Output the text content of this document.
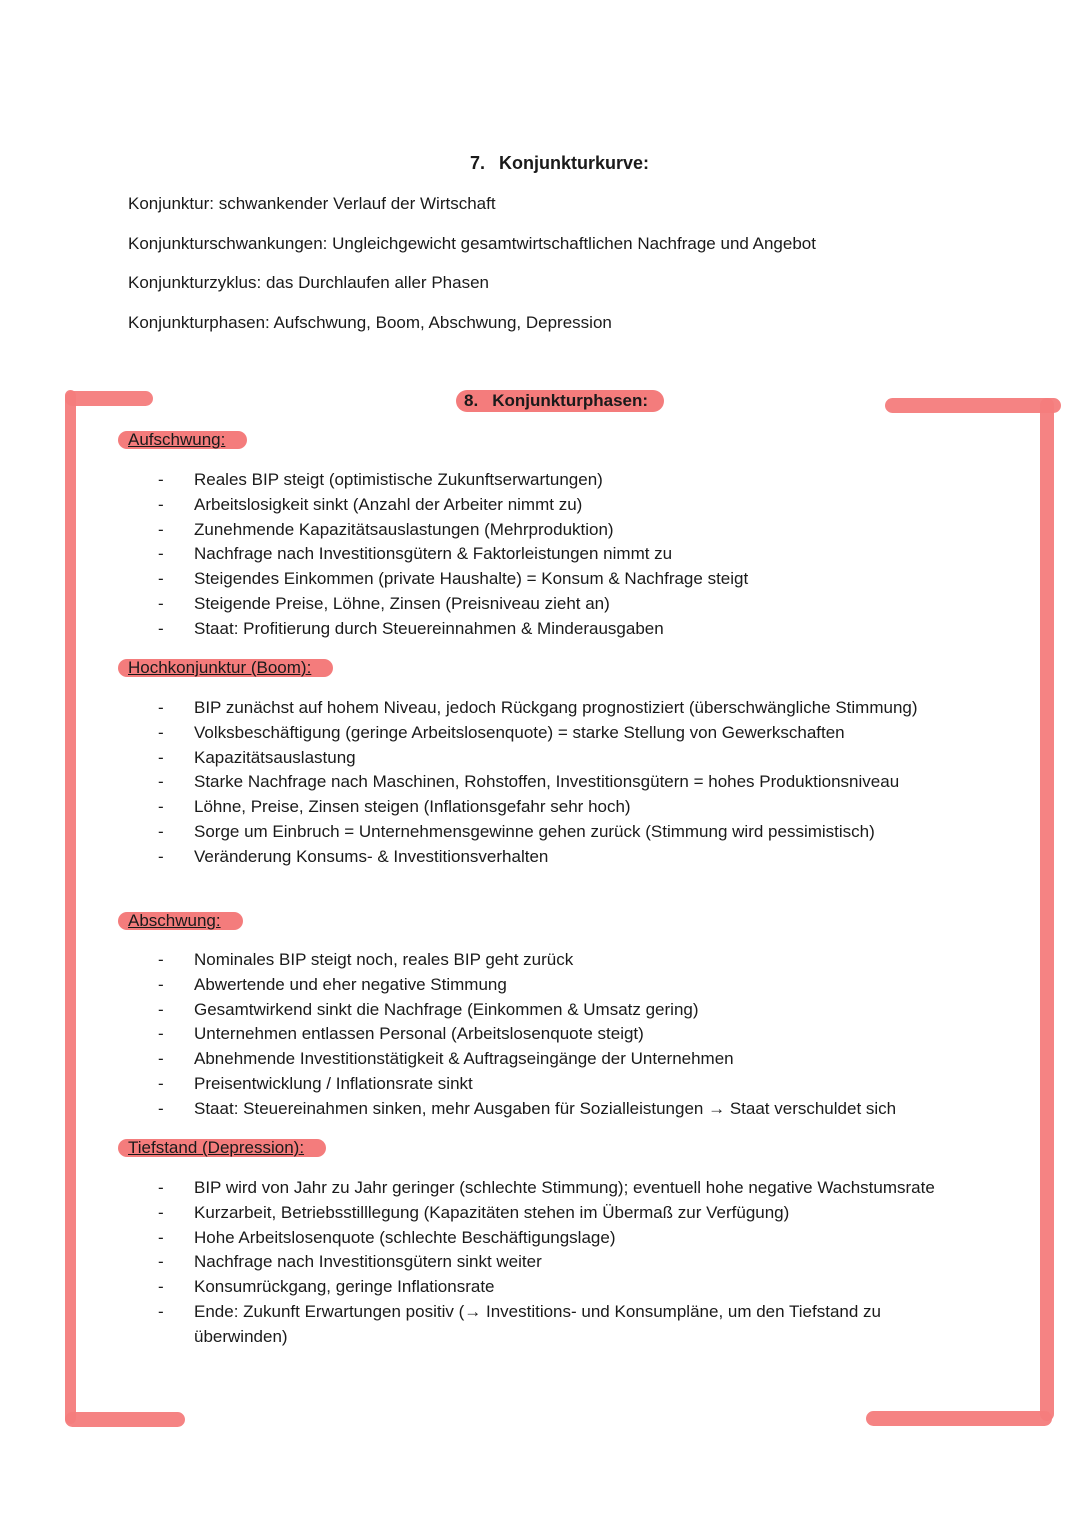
7. Konjunkturkurve:
Konjunktur: schwankender Verlauf der Wirtschaft
Konjunkturschwankungen: Ungleichgewicht gesamtwirtschaftlichen Nachfrage und Angebot
Konjunkturzyklus: das Durchlaufen aller Phasen
Konjunkturphasen: Aufschwung, Boom, Abschwung, Depression
8. Konjunkturphasen:
Aufschwung:
- Reales BIP steigt (optimistische Zukunftserwartungen)
- Arbeitslosigkeit sinkt (Anzahl der Arbeiter nimmt zu)
- Zunehmende Kapazitätsauslastungen (Mehrproduktion)
- Nachfrage nach Investitionsgütern & Faktorleistungen nimmt zu
- Steigendes Einkommen (private Haushalte) = Konsum & Nachfrage steigt
- Steigende Preise, Löhne, Zinsen (Preisniveau zieht an)
- Staat: Profitierung durch Steuereinnahmen & Minderausgaben
Hochkonjunktur (Boom):
- BIP zunächst auf hohem Niveau, jedoch Rückgang prognostiziert (überschwängliche Stimmung)
- Volksbeschäftigung (geringe Arbeitslosenquote) = starke Stellung von Gewerkschaften
- Kapazitätsauslastung
- Starke Nachfrage nach Maschinen, Rohstoffen, Investitionsgütern = hohes Produktionsniveau
- Löhne, Preise, Zinsen steigen (Inflationsgefahr sehr hoch)
- Sorge um Einbruch = Unternehmensgewinne gehen zurück (Stimmung wird pessimistisch)
- Veränderung Konsums- & Investitionsverhalten
Abschwung:
- Nominales BIP steigt noch, reales BIP geht zurück
- Abwertende und eher negative Stimmung
- Gesamtwirkend sinkt die Nachfrage (Einkommen & Umsatz gering)
- Unternehmen entlassen Personal (Arbeitslosenquote steigt)
- Abnehmende Investitionstätigkeit & Auftragseingänge der Unternehmen
- Preisentwicklung / Inflationsrate sinkt
- Staat: Steuereinahmen sinken, mehr Ausgaben für Sozialleistungen → Staat verschuldet sich
Tiefstand (Depression):
- BIP wird von Jahr zu Jahr geringer (schlechte Stimmung); eventuell hohe negative Wachstumsrate
- Kurzarbeit, Betriebsstilllegung (Kapazitäten stehen im Übermaß zur Verfügung)
- Hohe Arbeitslosenquote (schlechte Beschäftigungslage)
- Nachfrage nach Investitionsgütern sinkt weiter
- Konsumrückgang, geringe Inflationsrate
- Ende: Zukunft Erwartungen positiv (→ Investitions- und Konsumpläne, um den Tiefstand zu überwinden)
